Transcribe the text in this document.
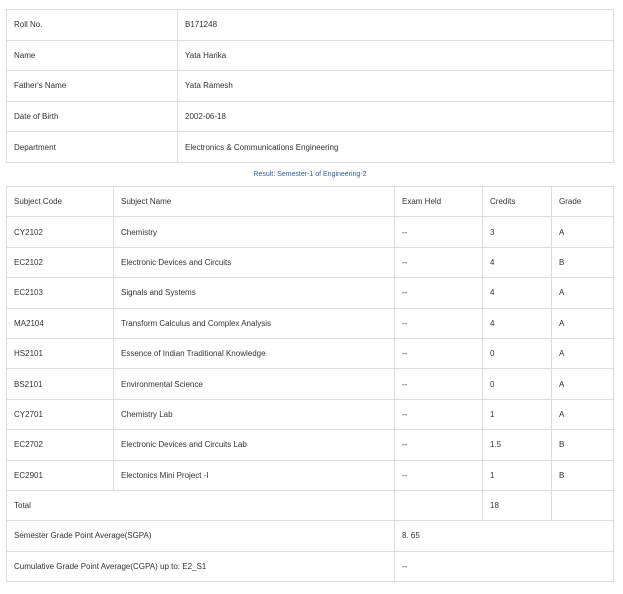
Roll No.	B171248
Name	Yata Harika
Father's Name	Yata Ramesh
Date of Birth	2002-06-18
Department	Electronics & Communications Engineering
Result: Semester-1 of Engineering-2
Subject Code	Subject Name	Exam Held	Credits	Grade
CY2102	Chemistry	--	3	A
EC2102	Electronic Devices and Circuits	--	4	B
EC2103	Signals and Systems	--	4	A
MA2104	Transform Calculus and Complex Analysis	--	4	A
HS2101	Essence of Indian Traditional Knowledge	--	0	A
BS2101	Environmental Science	--	0	A
CY2701	Chemistry Lab	--	1	A
EC2702	Electronic Devices and Circuits Lab	--	1.5	B
EC2901	Electonics Mini Project -I	--	1	B
Total			18	
Semester Grade Point Average(SGPA)		8. 65		
Cumulative Grade Point Average(CGPA) up to: E2_S1		--		
